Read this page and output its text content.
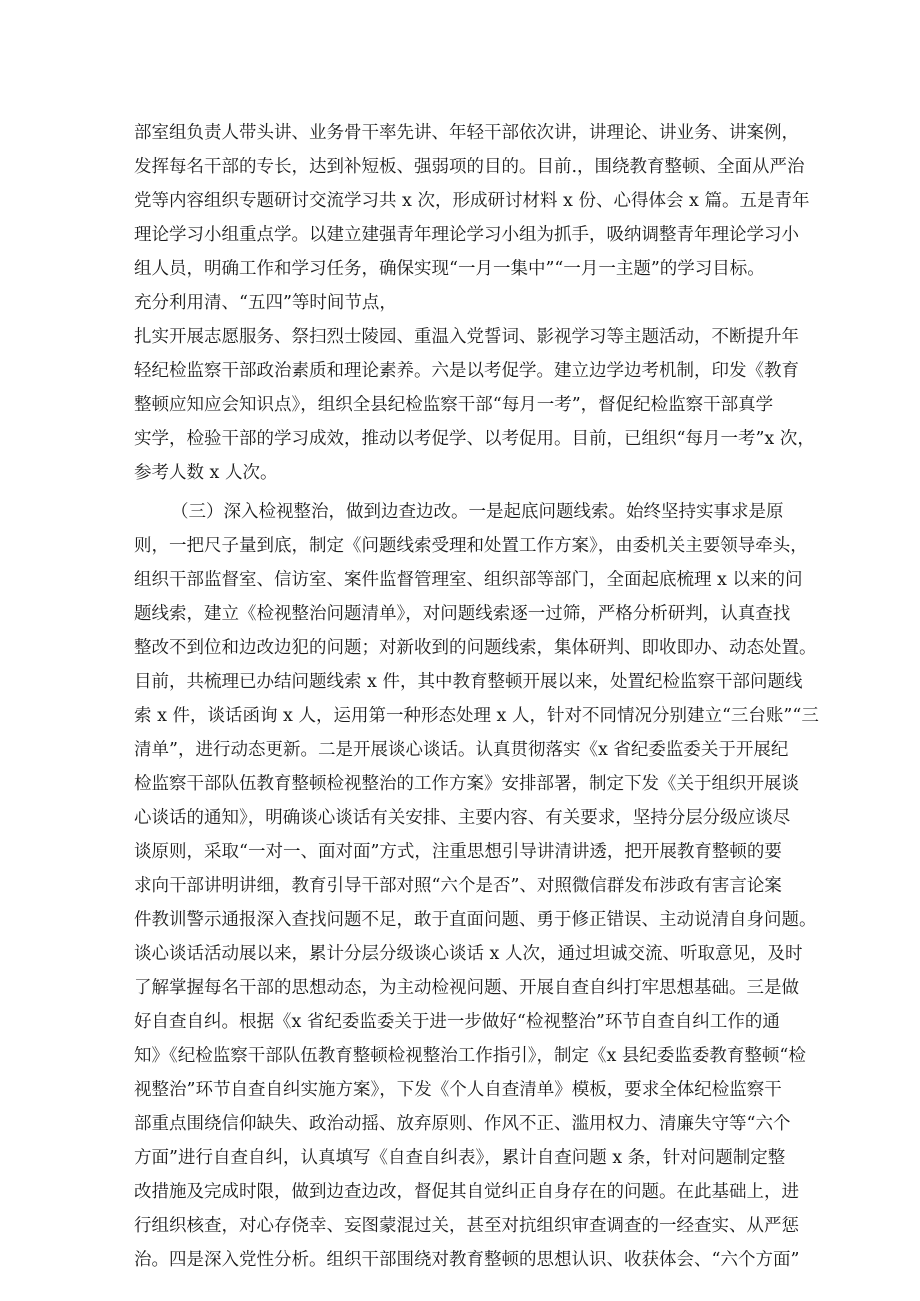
部室组负责人带头讲、业务骨干率先讲、年轻干部依次讲，讲理论、讲业务、讲案例，
发挥每名干部的专长，达到补短板、强弱项的目的。目前.，围绕教育整顿、全面从严治
党等内容组织专题研讨交流学习共 x 次，形成研讨材料 x 份、心得体会 x 篇。五是青年
理论学习小组重点学。以建立建强青年理论学习小组为抓手，吸纳调整青年理论学习小
组人员，明确工作和学习任务，确保实现“一月一集中”“一月一主题”的学习目标。
充分利用清、“五四”等时间节点，
扎实开展志愿服务、祭扫烈士陵园、重温入党誓词、影视学习等主题活动，不断提升年
轻纪检监察干部政治素质和理论素养。六是以考促学。建立边学边考机制，印发《教育
整顿应知应会知识点》，组织全县纪检监察干部“每月一考”，督促纪检监察干部真学
实学，检验干部的学习成效，推动以考促学、以考促用。目前，已组织“每月一考”x 次，
参考人数 x 人次。
（三）深入检视整治，做到边查边改。一是起底问题线索。始终坚持实事求是原
则，一把尺子量到底，制定《问题线索受理和处置工作方案》，由委机关主要领导牵头，
组织干部监督室、信访室、案件监督管理室、组织部等部门，全面起底梳理 x 以来的问
题线索，建立《检视整治问题清单》，对问题线索逐一过筛，严格分析研判，认真查找
整改不到位和边改边犯的问题；对新收到的问题线索，集体研判、即收即办、动态处置。
目前，共梳理已办结问题线索 x 件，其中教育整顿开展以来，处置纪检监察干部问题线
索 x 件，谈话函询 x 人，运用第一种形态处理 x 人，针对不同情况分别建立“三台账”“三
清单”，进行动态更新。二是开展谈心谈话。认真贯彻落实《x 省纪委监委关于开展纪
检监察干部队伍教育整顿检视整治的工作方案》安排部署，制定下发《关于组织开展谈
心谈话的通知》，明确谈心谈话有关安排、主要内容、有关要求，坚持分层分级应谈尽
谈原则，采取“一对一、面对面”方式，注重思想引导讲清讲透，把开展教育整顿的要
求向干部讲明讲细，教育引导干部对照“六个是否”、对照微信群发布涉政有害言论案
件教训警示通报深入查找问题不足，敢于直面问题、勇于修正错误、主动说清自身问题。
谈心谈话活动展以来，累计分层分级谈心谈话 x 人次，通过坦诚交流、听取意见，及时
了解掌握每名干部的思想动态，为主动检视问题、开展自查自纠打牢思想基础。三是做
好自查自纠。根据《x 省纪委监委关于进一步做好“检视整治”环节自查自纠工作的通
知》《纪检监察干部队伍教育整顿检视整治工作指引》，制定《x 县纪委监委教育整顿“检
视整治”环节自查自纠实施方案》，下发《个人自查清单》模板，要求全体纪检监察干
部重点围绕信仰缺失、政治动摇、放弃原则、作风不正、滥用权力、清廉失守等“六个
方面”进行自查自纠，认真填写《自查自纠表》，累计自查问题 x 条，针对问题制定整
改措施及完成时限，做到边查边改，督促其自觉纠正自身存在的问题。在此基础上，进
行组织核查，对心存侥幸、妄图蒙混过关，甚至对抗组织审查调查的一经查实、从严惩
治。四是深入党性分析。组织干部围绕对教育整顿的思想认识、收获体会、“六个方面”
